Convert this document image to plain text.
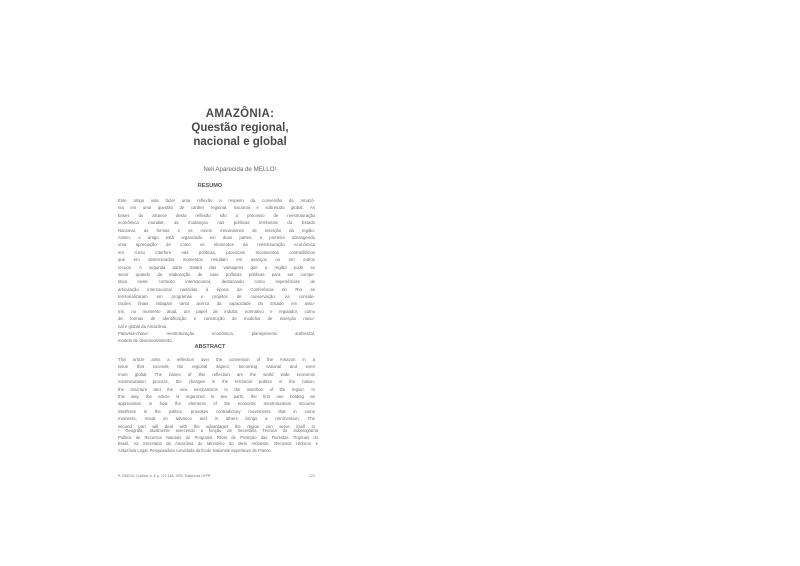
AMAZÔNIA:
Questão regional,
nacional e global
Neli Aparecida de MELLO¹
RESUMO
Este artigo visa fazer uma reflexão a respeito da conversão da Amazô-
nia em uma questão de caráter regional, nacional e sobretudo global. As
bases do alcance desta reflexão são o processo de reestruturação
econômica mundial, as mudanças nas políticas territoriais do Estado
Nacional, as formas e os novos mecanismos de inserção da região.
Assim, o artigo está organizado em duas partes, a primeira abrangendo
uma apreciação de como os elementos da reestruturação econômica
em curso interfere nas políticas, provocam movimentos contraditórios
que em determinados momentos resultam em avanços ou em outros
recuos. A segunda parte tratará das vantagens que a região pode se
servir quando da elaboração de suas políticas públicas para ser compe-
titiva neste contexto internacional, destacando como experiências de
articulação internacional nascidas à época da Conferência do Rio se
territorializaram em programas e projetos de conservação. As conside-
rações finais indagam tanto acerca da capacidade do Estado em assu-
mir, no momento atual, um papel de indutor, normativo e regulador, como
de formas de identificação e construção de modelos de inserção nacio-
nal e global da Amazônia.
Palavras-chave: reestruturação econômica, planejamento ambiental,
modelo de desenvolvimento.
ABSTRACT
This article aims a reflection over the conversion of the Amazon in a
issue that exceeds the regional aspect, becoming national and even
more global. The bases of this reflection are the world wide economic
reestruturation process, the changes in the territorial politics in the nation,
the structure and the new mechanisms to the insertion of the region. In
this way, the article is organized in two parts, the first one holding an
appreciation in how the elements of the economic reestruturation incourse
interferes in the politics, provokes contradictory movements that in some
moments, result on advance and in others brings a retrocession. The
second part will deal with the advantages the region can serve itself in
¹ Geógrafa, atualmente exercendo a função de Secretária Técnica do Subprograma
Política de Recursos Naturais do Programa Piloto de Proteção das Florestas Tropicais do
Brasil, na Secretaria da Amazônia do Ministério do Meio Ambiente, Recursos Hídricos e
Amazônia Legal. Pesquisadora convidada da École Nationale Superieure de France.
R. RAEGA, Curitiba, n. 3, p. 121-148, 1999. Editora da UFPR	121
